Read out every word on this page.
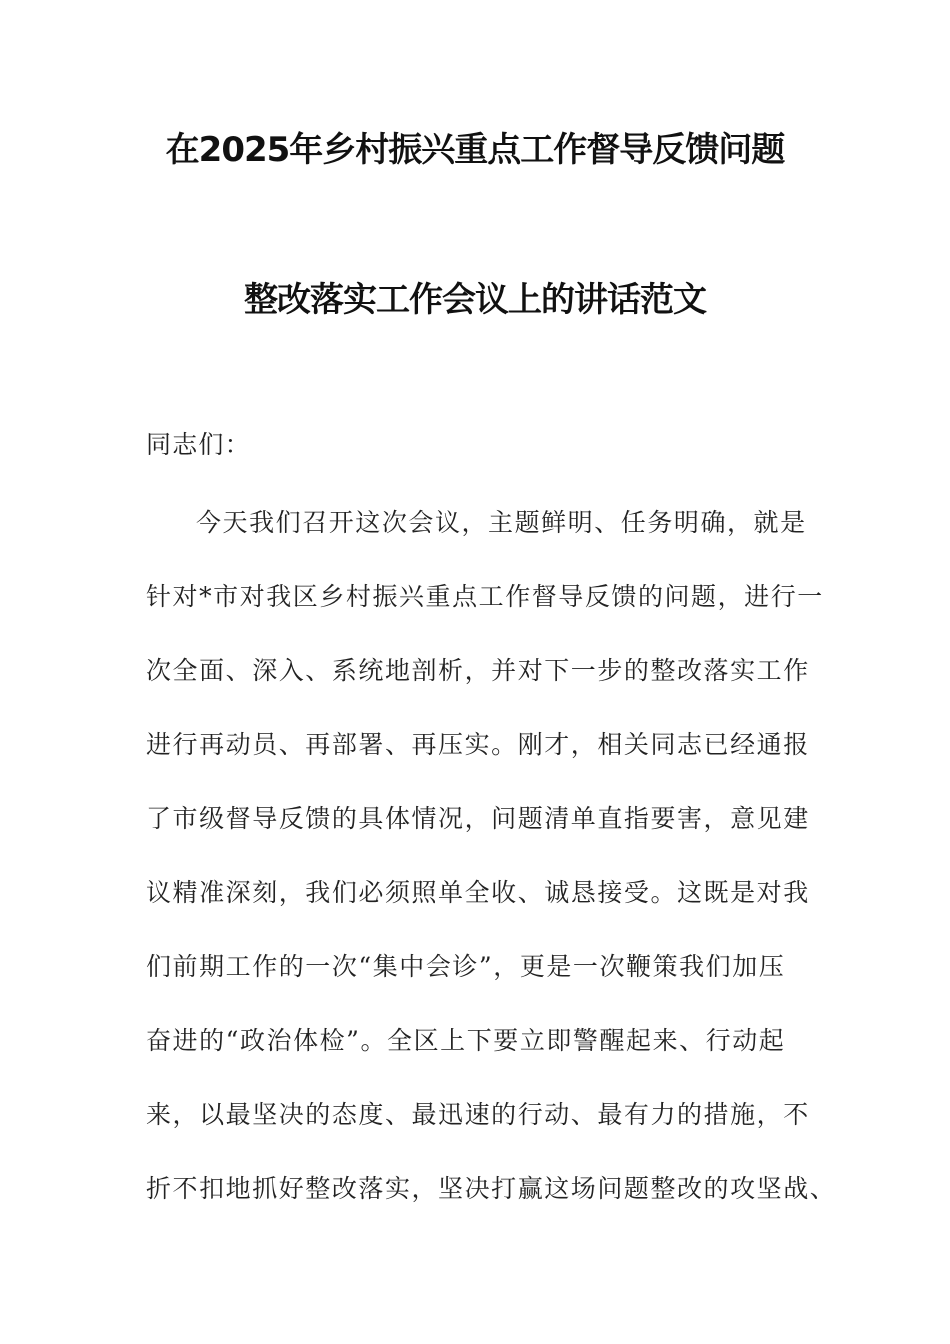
在2025年乡村振兴重点工作督导反馈问题
整改落实工作会议上的讲话范文
同志们：
今天我们召开这次会议，主题鲜明、任务明确，就是
针对*市对我区乡村振兴重点工作督导反馈的问题，进行一
次全面、深入、系统地剖析，并对下一步的整改落实工作
进行再动员、再部署、再压实。刚才，相关同志已经通报
了市级督导反馈的具体情况，问题清单直指要害，意见建
议精准深刻，我们必须照单全收、诚恳接受。这既是对我
们前期工作的一次“集中会诊”，更是一次鞭策我们加压
奋进的“政治体检”。全区上下要立即警醒起来、行动起
来，以最坚决的态度、最迅速的行动、最有力的措施，不
折不扣地抓好整改落实，坚决打赢这场问题整改的攻坚战、
